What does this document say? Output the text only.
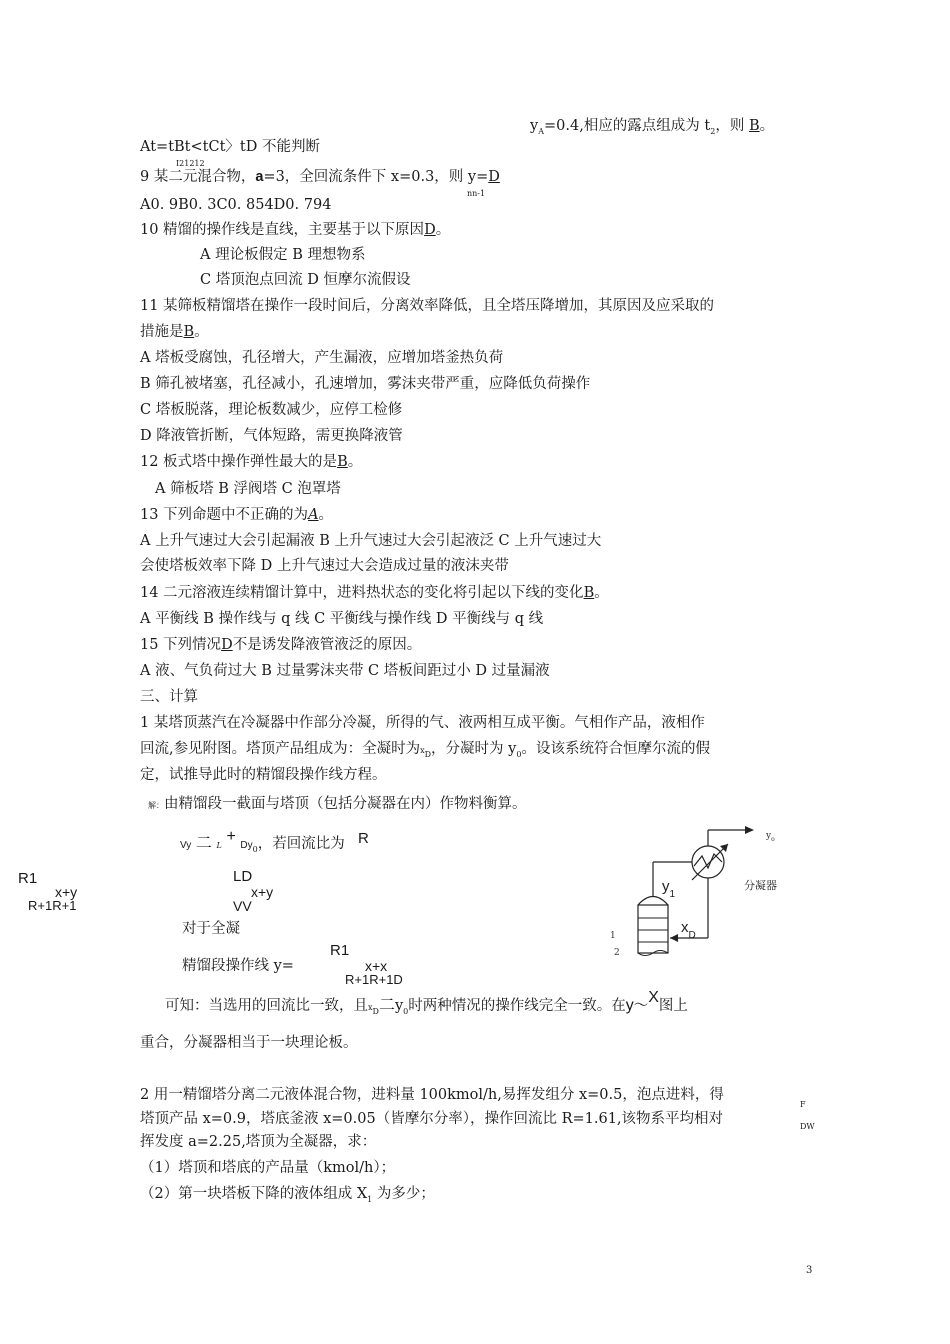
$y_A=0.4$,相应的露点组成为 $t_2$，则 B。
At=tBt<tCt〉tD 不能判断
I21212
9 某二元混合物，a=3，全回流条件下 x=0.3，则 y=D
nn-1
A0. 9B0. 3C0. 854D0. 794
10 精馏的操作线是直线，主要基于以下原因D。
A 理论板假定 B 理想物系
C 塔顶泡点回流 D 恒摩尔流假设
11 某筛板精馏塔在操作一段时间后，分离效率降低，且全塔压降增加，其原因及应采取的
措施是B。
A 塔板受腐蚀，孔径增大，产生漏液，应增加塔釜热负荷
B 筛孔被堵塞，孔径减小，孔速增加，雾沫夹带严重，应降低负荷操作
C 塔板脱落，理论板数减少，应停工检修
D 降液管折断，气体短路，需更换降液管
12 板式塔中操作弹性最大的是B。
A 筛板塔 B 浮阀塔 C 泡罩塔
13 下列命题中不正确的为A。
A 上升气速过大会引起漏液 B 上升气速过大会引起液泛 C 上升气速过大
会使塔板效率下降 D 上升气速过大会造成过量的液沫夹带
14 二元溶液连续精馏计算中，进料热状态的变化将引起以下线的变化B。
A 平衡线 B 操作线与 q 线 C 平衡线与操作线 D 平衡线与 q 线
15 下列情况D不是诱发降液管液泛的原因。
A 液、气负荷过大 B 过量雾沫夹带 C 塔板间距过小 D 过量漏液
三、计算
1 某塔顶蒸汽在冷凝器中作部分冷凝，所得的气、液两相互成平衡。气相作产品，液相作
回流,参见附图。塔顶产品组成为：全凝时为$x_D$，分凝时为 $y_0$。设该系统符合恒摩尔流的假
定，试推导此时的精馏段操作线方程。
解：由精馏段一截面与塔顶（包括分凝器在内）作物料衡算。
Vy 二 $L + Dy_0$，若回流比为 R
R1
x+y
R+1R+1
LD
x+y
VV
对于全凝
R1
精馏段操作线 y=	x+x
R+1R+1D
可知：当选用的回流比一致，且$x_D$二$y_0$时两种情况的操作线完全一致。在y〜X图上
重合，分凝器相当于一块理论板。
$y_o$
$y_1$
$x_D$
分凝器
1
2
2 用一精馏塔分离二元液体混合物，进料量 100kmol/h,易挥发组分 x=0.5，泡点进料，得
F
塔顶产品 x=0.9，塔底釜液 x=0.05（皆摩尔分率），操作回流比 R=1.61,该物系平均相对	DW
挥发度 a=2.25,塔顶为全凝器，求：
（1）塔顶和塔底的产品量（kmol/h）；
（2）第一块塔板下降的液体组成 $X_1$ 为多少；
3
